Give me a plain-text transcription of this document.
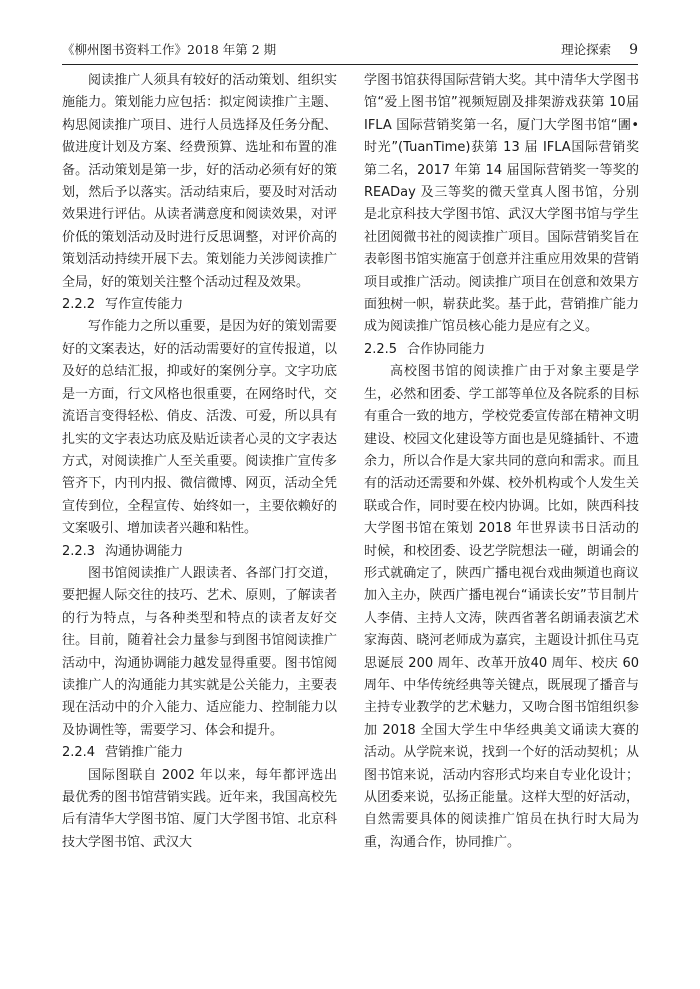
《柳州图书资料工作》2018 年第 2 期	理论探索 9

阅读推广人须具有较好的活动策划、组织实施能力。策划能力应包括：拟定阅读推广主题、构思阅读推广项目、进行人员选择及任务分配、做进度计划及方案、经费预算、选址和布置的准备。活动策划是第一步，好的活动必须有好的策划，然后予以落实。活动结束后，要及时对活动效果进行评估。从读者满意度和阅读效果，对评价低的策划活动及时进行反思调整，对评价高的策划活动持续开展下去。策划能力关涉阅读推广全局，好的策划关注整个活动过程及效果。

2.2.2 写作宣传能力

写作能力之所以重要，是因为好的策划需要好的文案表达，好的活动需要好的宣传报道，以及好的总结汇报，抑或好的案例分享。文字功底是一方面，行文风格也很重要，在网络时代，交流语言变得轻松、俏皮、活泼、可爱，所以具有扎实的文字表达功底及贴近读者心灵的文字表达方式，对阅读推广人至关重要。阅读推广宣传多管齐下，内刊内报、微信微博、网页，活动全凭宣传到位，全程宣传、始终如一，主要依赖好的文案吸引、增加读者兴趣和粘性。

2.2.3 沟通协调能力

图书馆阅读推广人跟读者、各部门打交道，要把握人际交往的技巧、艺术、原则，了解读者的行为特点，与各种类型和特点的读者友好交往。目前，随着社会力量参与到图书馆阅读推广活动中，沟通协调能力越发显得重要。图书馆阅读推广人的沟通能力其实就是公关能力，主要表现在活动中的介入能力、适应能力、控制能力以及协调性等，需要学习、体会和提升。

2.2.4 营销推广能力

国际图联自 2002 年以来，每年都评选出最优秀的图书馆营销实践。近年来，我国高校先后有清华大学图书馆、厦门大学图书馆、北京科技大学图书馆、武汉大

学图书馆获得国际营销大奖。其中清华大学图书馆“爱上图书馆”视频短剧及排架游戏获第 10届 IFLA 国际营销奖第一名，厦门大学图书馆“圕•时光”(TuanTime)获第 13 届 IFLA国际营销奖第二名，2017 年第 14 届国际营销奖一等奖的 READay 及三等奖的微天堂真人图书馆，分别是北京科技大学图书馆、武汉大学图书馆与学生社团阅微书社的阅读推广项目。国际营销奖旨在表彰图书馆实施富于创意并注重应用效果的营销项目或推广活动。阅读推广项目在创意和效果方面独树一帜，崭获此奖。基于此，营销推广能力成为阅读推广馆员核心能力是应有之义。

2.2.5 合作协同能力

高校图书馆的阅读推广由于对象主要是学生，必然和团委、学工部等单位及各院系的目标有重合一致的地方，学校党委宣传部在精神文明建设、校园文化建设等方面也是见缝插针、不遗余力，所以合作是大家共同的意向和需求。而且有的活动还需要和外媒、校外机构或个人发生关联或合作，同时要在校内协调。比如，陕西科技大学图书馆在策划 2018 年世界读书日活动的时候，和校团委、设艺学院想法一碰，朗诵会的形式就确定了，陕西广播电视台戏曲频道也商议加入主办，陕西广播电视台“诵读长安”节目制片人李倩、主持人文涛，陕西省著名朗诵表演艺术家海茵、晓河老师成为嘉宾，主题设计抓住马克思诞辰 200 周年、改革开放40 周年、校庆 60 周年、中华传统经典等关键点，既展现了播音与主持专业教学的艺术魅力，又吻合图书馆组织参加 2018 全国大学生中华经典美文诵读大赛的活动。从学院来说，找到一个好的活动契机；从图书馆来说，活动内容形式均来自专业化设计；从团委来说，弘扬正能量。这样大型的好活动，自然需要具体的阅读推广馆员在执行时大局为重，沟通合作，协同推广。
